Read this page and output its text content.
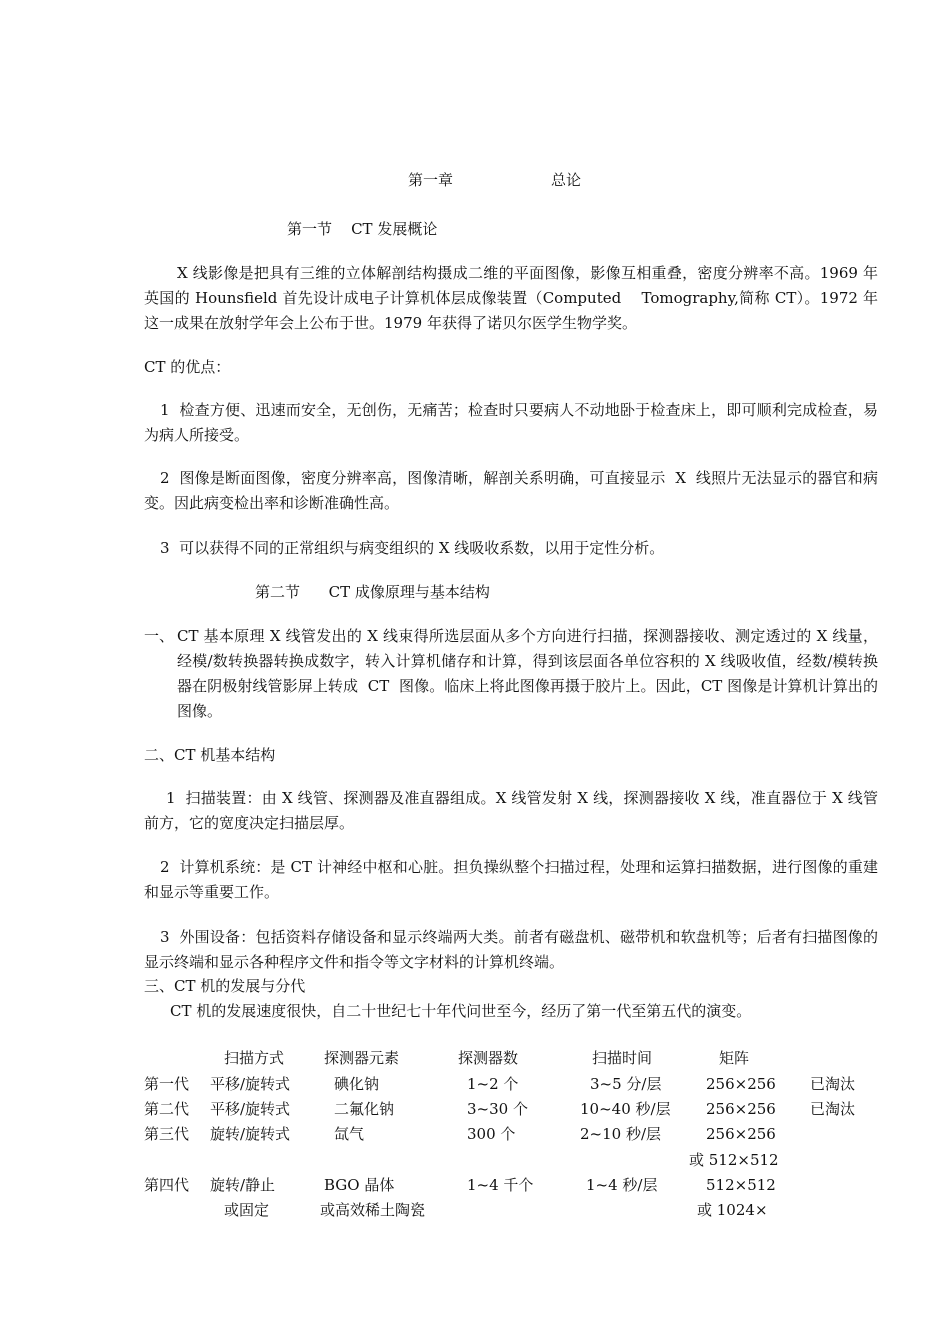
第一章	总论
第一节    CT 发展概论
X 线影像是把具有三维的立体解剖结构摄成二维的平面图像，影像互相重叠，密度分辨率不高。1969 年英国的 Hounsfield 首先设计成电子计算机体层成像装置（Computed    Tomography,简称 CT）。1972 年这一成果在放射学年会上公布于世。1979 年获得了诺贝尔医学生物学奖。
CT 的优点：
1  检查方便、迅速而安全，无创伤，无痛苦；检查时只要病人不动地卧于检查床上，即可顺利完成检查，易为病人所接受。
2  图像是断面图像，密度分辨率高，图像清晰，解剖关系明确，可直接显示  X  线照片无法显示的器官和病变。因此病变检出率和诊断准确性高。
3  可以获得不同的正常组织与病变组织的 X 线吸收系数，以用于定性分析。
第二节      CT 成像原理与基本结构
一、 CT 基本原理 X 线管发出的 X 线束得所选层面从多个方向进行扫描，探测器接收、测定透过的 X 线量，经模/数转换器转换成数字，转入计算机储存和计算，得到该层面各单位容积的 X 线吸收值，经数/模转换器在阴极射线管影屏上转成  CT  图像。临床上将此图像再摄于胶片上。因此，CT 图像是计算机计算出的图像。
二、CT 机基本结构
1  扫描装置：由 X 线管、探测器及准直器组成。X 线管发射 X 线，探测器接收 X 线，准直器位于 X 线管前方，它的宽度决定扫描层厚。
2  计算机系统：是 CT 计神经中枢和心脏。担负操纵整个扫描过程，处理和运算扫描数据，进行图像的重建和显示等重要工作。
3  外围设备：包括资料存储设备和显示终端两大类。前者有磁盘机、磁带机和软盘机等；后者有扫描图像的显示终端和显示各种程序文件和指令等文字材料的计算机终端。
三、CT 机的发展与分代
CT 机的发展速度很快，自二十世纪七十年代问世至今，经历了第一代至第五代的演变。
扫描方式	探测器元素	探测器数	扫描时间	矩阵
第一代 平移/旋转式	碘化钠	1~2 个	3~5 分/层	256×256 已淘汰
第二代 平移/旋转式	二氟化钠	3~30 个	10~40 秒/层 256×256 已淘汰
第三代 旋转/旋转式	氙气	300 个	2~10 秒/层	256×256
或 512×512
第四代 旋转/静止	BGO 晶体	1~4 千个	1~4 秒/层	512×512
或固定	或高效稀土陶瓷	或 1024×
